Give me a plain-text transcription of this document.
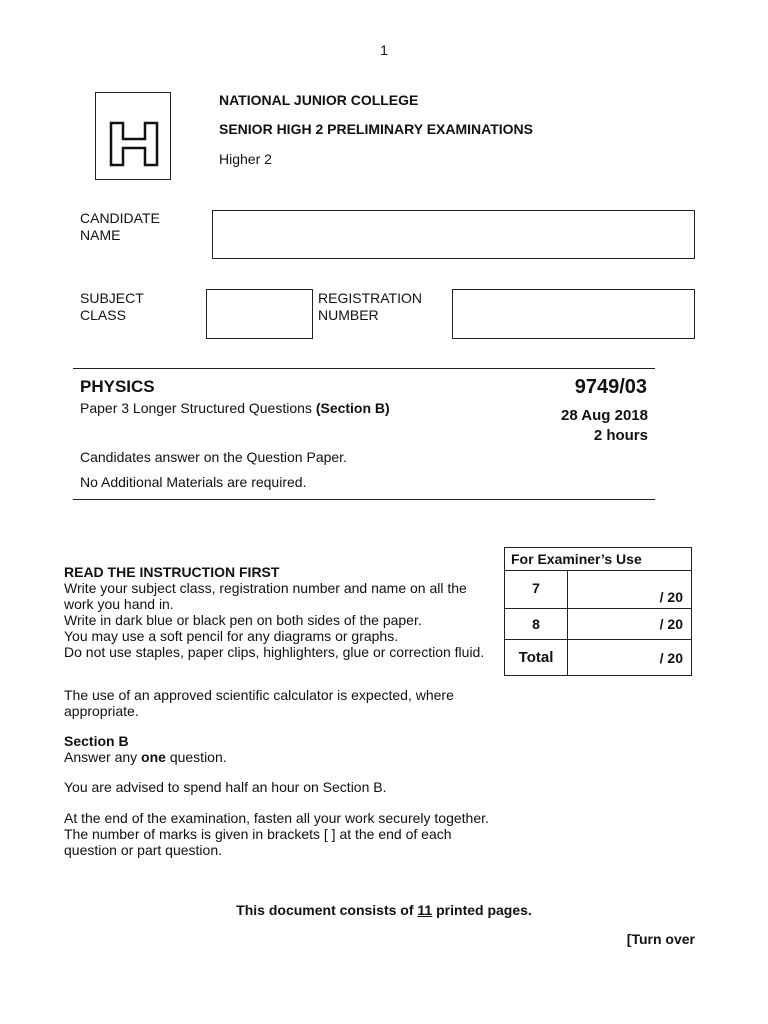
1
NATIONAL JUNIOR COLLEGE
SENIOR HIGH 2 PRELIMINARY EXAMINATIONS
Higher 2
CANDIDATE
NAME
SUBJECT
CLASS
REGISTRATION
NUMBER
PHYSICS	9749/03
Paper 3 Longer Structured Questions (Section B)	28 Aug 2018
2 hours
Candidates answer on the Question Paper.
No Additional Materials are required.
For Examiner’s Use	
7	/ 20
8	/ 20
Total	/ 20

READ THE INSTRUCTION FIRST

Write your subject class, registration number and name on all the work you hand in.

Write in dark blue or black pen on both sides of the paper.

You may use a soft pencil for any diagrams or graphs.

Do not use staples, paper clips, highlighters, glue or correction fluid.

The use of an approved scientific calculator is expected, where appropriate.
Section B
Answer any one question.
You are advised to spend half an hour on Section B.

At the end of the examination, fasten all your work securely together.

The number of marks is given in brackets [ ] at the end of each question or part question.

This document consists of 11 printed pages.
[Turn over
